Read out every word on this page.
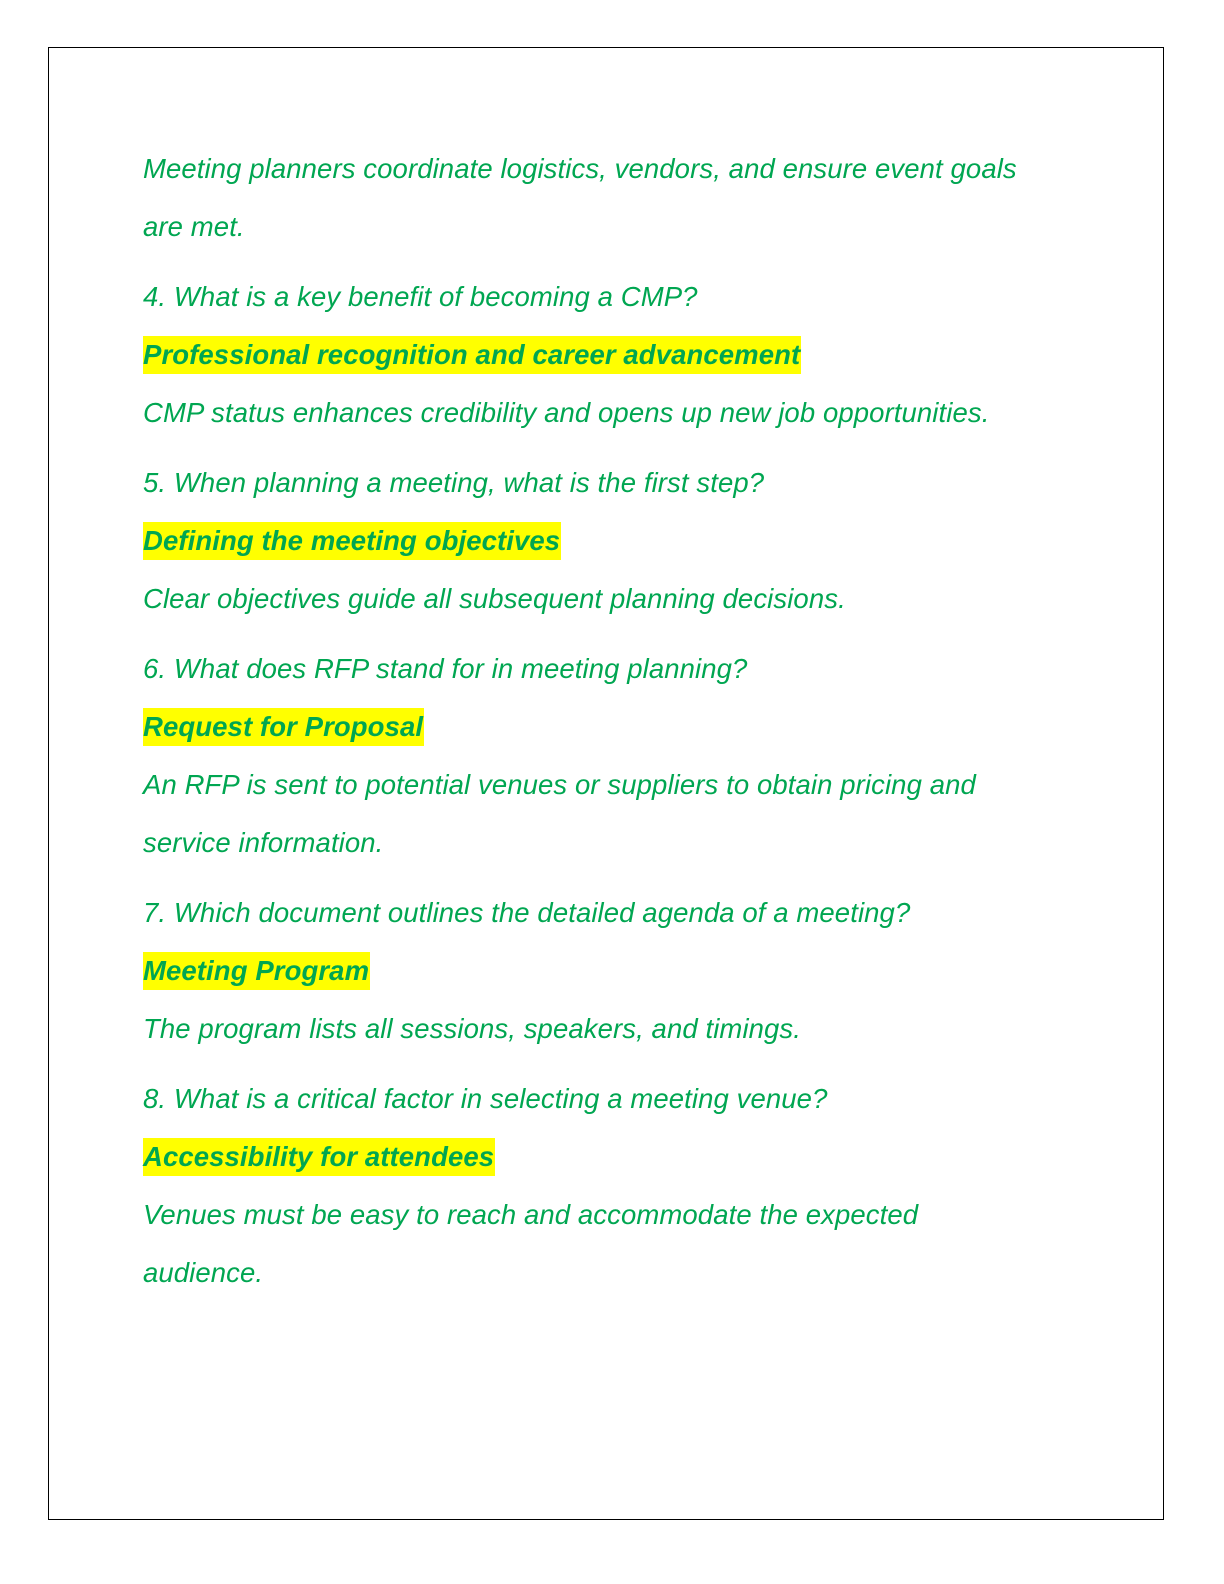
Meeting planners coordinate logistics, vendors, and ensure event goals
are met.
4. What is a key benefit of becoming a CMP?
Professional recognition and career advancement
CMP status enhances credibility and opens up new job opportunities.
5. When planning a meeting, what is the first step?
Defining the meeting objectives
Clear objectives guide all subsequent planning decisions.
6. What does RFP stand for in meeting planning?
Request for Proposal
An RFP is sent to potential venues or suppliers to obtain pricing and
service information.
7. Which document outlines the detailed agenda of a meeting?
Meeting Program
The program lists all sessions, speakers, and timings.
8. What is a critical factor in selecting a meeting venue?
Accessibility for attendees
Venues must be easy to reach and accommodate the expected
audience.
